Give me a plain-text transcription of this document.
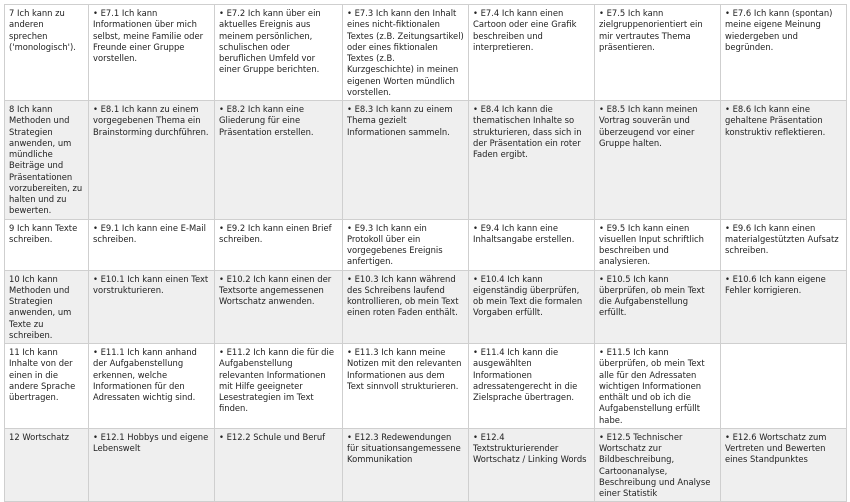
7 Ich kann zu anderen sprechen ('monologisch').	• E7.1 Ich kann Informationen über mich selbst, meine Familie oder Freunde einer Gruppe vorstellen.	• E7.2 Ich kann über ein aktuelles Ereignis aus meinem persönlichen, schulischen oder beruflichen Umfeld vor einer Gruppe berichten.	• E7.3 Ich kann den Inhalt eines nicht-fiktionalen Textes (z.B. Zeitungsartikel) oder eines fiktionalen Textes (z.B. Kurzgeschichte) in meinen eigenen Worten mündlich vorstellen.	• E7.4 Ich kann einen Cartoon oder eine Grafik beschreiben und interpretieren.	• E7.5 Ich kann zielgruppenorientiert ein mir vertrautes Thema präsentieren.	• E7.6 Ich kann (spontan) meine eigene Meinung wiedergeben und begründen.
8 Ich kann Methoden und Strategien anwenden, um mündliche Beiträge und Präsentationen vorzubereiten, zu halten und zu bewerten.	• E8.1 Ich kann zu einem vorgegebenen Thema ein Brainstorming durchführen.	• E8.2 Ich kann eine Gliederung für eine Präsentation erstellen.	• E8.3 Ich kann zu einem Thema gezielt Informationen sammeln.	• E8.4 Ich kann die thematischen Inhalte so strukturieren, dass sich in der Präsentation ein roter Faden ergibt.	• E8.5 Ich kann meinen Vortrag souverän und überzeugend vor einer Gruppe halten.	• E8.6 Ich kann eine gehaltene Präsentation konstruktiv reflektieren.
9 Ich kann Texte schreiben.	• E9.1 Ich kann eine E-Mail schreiben.	• E9.2 Ich kann einen Brief schreiben.	• E9.3 Ich kann ein Protokoll über ein vorgegebenes Ereignis anfertigen.	• E9.4 Ich kann eine Inhaltsangabe erstellen.	• E9.5 Ich kann einen visuellen Input schriftlich beschreiben und analysieren.	• E9.6 Ich kann einen materialgestützten Aufsatz schreiben.
10 Ich kann Methoden und Strategien anwenden, um Texte zu schreiben.	• E10.1 Ich kann einen Text vorstrukturieren.	• E10.2 Ich kann einen der Textsorte angemessenen Wortschatz anwenden.	• E10.3 Ich kann während des Schreibens laufend kontrollieren, ob mein Text einen roten Faden enthält.	• E10.4 Ich kann eigenständig überprüfen, ob mein Text die formalen Vorgaben erfüllt.	• E10.5 Ich kann überprüfen, ob mein Text die Aufgabenstellung erfüllt.	• E10.6 Ich kann eigene Fehler korrigieren.
11 Ich kann Inhalte von der einen in die andere Sprache übertragen.	• E11.1 Ich kann anhand der Aufgabenstellung erkennen, welche Informationen für den Adressaten wichtig sind.	• E11.2 Ich kann die für die Aufgabenstellung relevanten Informationen mit Hilfe geeigneter Lesestrategien im Text finden.	• E11.3 Ich kann meine Notizen mit den relevanten Informationen aus dem Text sinnvoll strukturieren.	• E11.4 Ich kann die ausgewählten Informationen adressatengerecht in die Zielsprache übertragen.	• E11.5 Ich kann überprüfen, ob mein Text alle für den Adressaten wichtigen Informationen enthält und ob ich die Aufgabenstellung erfüllt habe.	
12 Wortschatz	• E12.1 Hobbys und eigene Lebenswelt	• E12.2 Schule und Beruf	• E12.3 Redewendungen für situationsangemessene Kommunikation	• E12.4 Textstrukturierender Wortschatz / Linking Words	• E12.5 Technischer Wortschatz zur Bildbeschreibung, Cartoonanalyse, Beschreibung und Analyse einer Statistik	• E12.6 Wortschatz zum Vertreten und Bewerten eines Standpunktes
